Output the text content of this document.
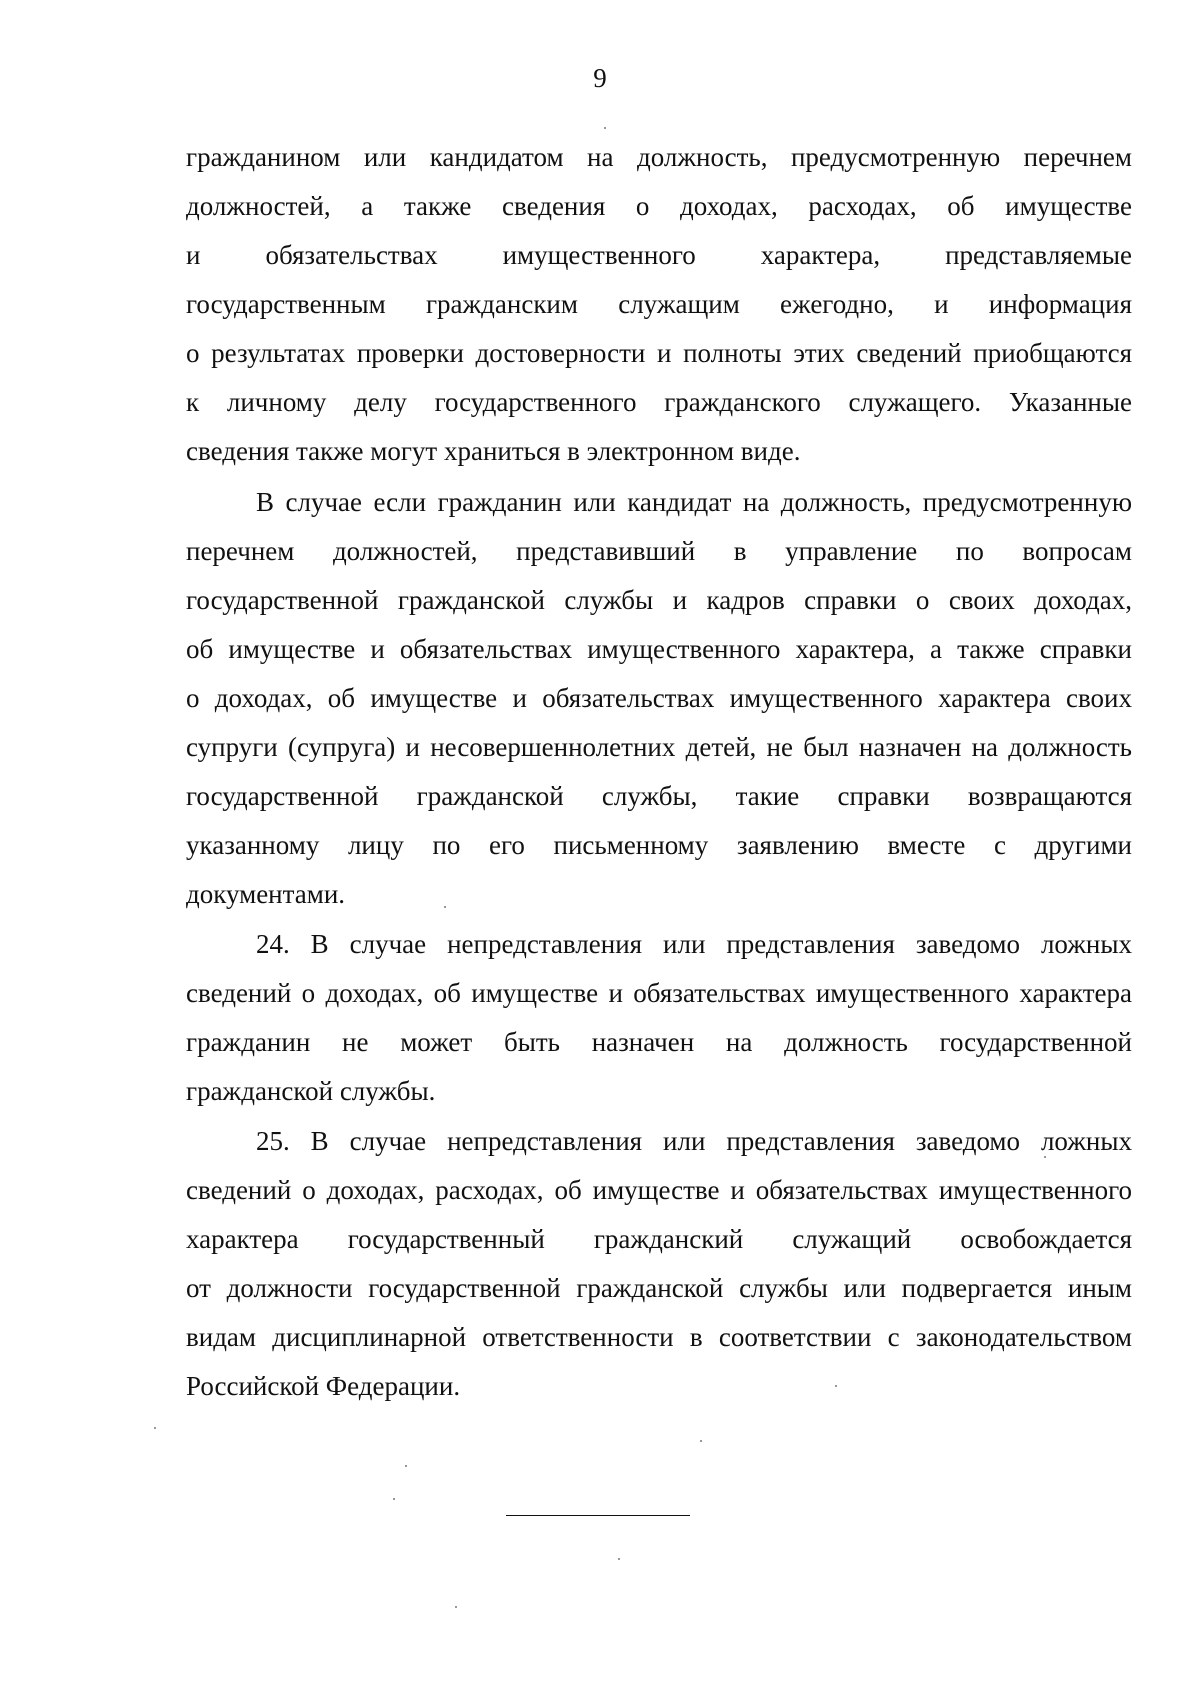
9
гражданином или кандидатом на должность, предусмотренную перечнем
должностей, а также сведения о доходах, расходах, об имуществе
и обязательствах имущественного характера, представляемые
государственным гражданским служащим ежегодно, и информация
о результатах проверки достоверности и полноты этих сведений приобщаются
к личному делу государственного гражданского служащего. Указанные
сведения также могут храниться в электронном виде.
В случае если гражданин или кандидат на должность, предусмотренную
перечнем должностей, представивший в управление по вопросам
государственной гражданской службы и кадров справки о своих доходах,
об имуществе и обязательствах имущественного характера, а также справки
о доходах, об имуществе и обязательствах имущественного характера своих
супруги (супруга) и несовершеннолетних детей, не был назначен на должность
государственной гражданской службы, такие справки возвращаются
указанному лицу по его письменному заявлению вместе с другими
документами.
24. В случае непредставления или представления заведомо ложных
сведений о доходах, об имуществе и обязательствах имущественного характера
гражданин не может быть назначен на должность государственной
гражданской службы.
25. В случае непредставления или представления заведомо ложных
сведений о доходах, расходах, об имуществе и обязательствах имущественного
характера государственный гражданский служащий освобождается
от должности государственной гражданской службы или подвергается иным
видам дисциплинарной ответственности в соответствии с законодательством
Российской Федерации.
